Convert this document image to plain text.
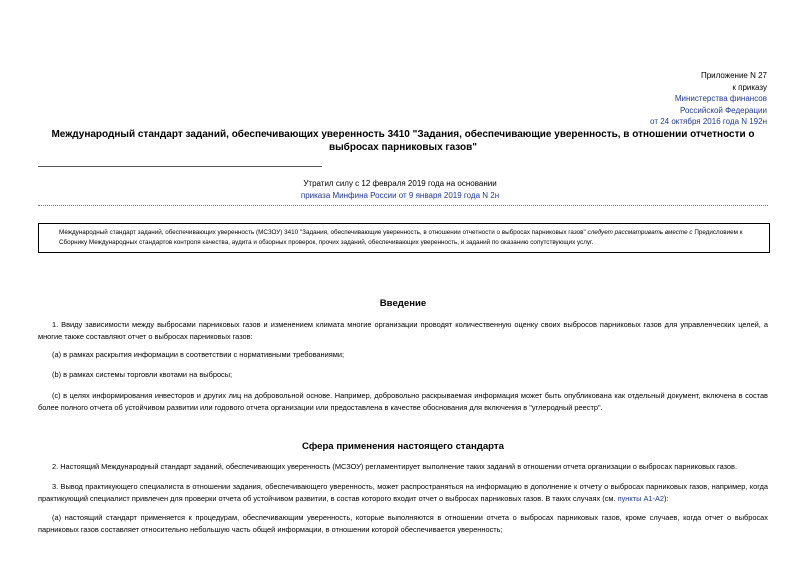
Приложение N 27
к приказу
Министерства финансов
Российской Федерации
от 24 октября 2016 года N 192н
Международный стандарт заданий, обеспечивающих уверенность 3410 "Задания, обеспечивающие уверенность, в отношении отчетности о выбросах парниковых газов"
Утратил силу с 12 февраля 2019 года на основании
приказа Минфина России от 9 января 2019 года N 2н
Международный стандарт заданий, обеспечивающих уверенность (МСЗОУ) 3410 "Задания, обеспечивающие уверенность, в отношении отчетности о выбросах парниковых газов" следует рассматривать вместе с Предисловием к Сборнику Международных стандартов контроля качества, аудита и обзорных проверок, прочих заданий, обеспечивающих уверенность, и заданий по оказанию сопутствующих услуг.
Введение
1. Ввиду зависимости между выбросами парниковых газов и изменением климата многие организации проводят количественную оценку своих выбросов парниковых газов для управленческих целей, а многие также составляют отчет о выбросах парниковых газов:
(a) в рамках раскрытия информации в соответствии с нормативными требованиями;
(b) в рамках системы торговли квотами на выбросы;
(c) в целях информирования инвесторов и других лиц на добровольной основе. Например, добровольно раскрываемая информация может быть опубликована как отдельный документ, включена в состав более полного отчета об устойчивом развитии или годового отчета организации или предоставлена в качестве обоснования для включения в "углеродный реестр".
Сфера применения настоящего стандарта
2. Настоящий Международный стандарт заданий, обеспечивающих уверенность (МСЗОУ) регламентирует выполнение таких заданий в отношении отчета организации о выбросах парниковых газов.
3. Вывод практикующего специалиста в отношении задания, обеспечивающего уверенность, может распространяться на информацию в дополнение к отчету о выбросах парниковых газов, например, когда практикующий специалист привлечен для проверки отчета об устойчивом развитии, в состав которого входит отчет о выбросах парниковых газов. В таких случаях (см. пункты A1-A2):
(a) настоящий стандарт применяется к процедурам, обеспечивающим уверенность, которые выполняются в отношении отчета о выбросах парниковых газов, кроме случаев, когда отчет о выбросах парниковых газов составляет относительно небольшую часть общей информации, в отношении которой обеспечивается уверенность;
